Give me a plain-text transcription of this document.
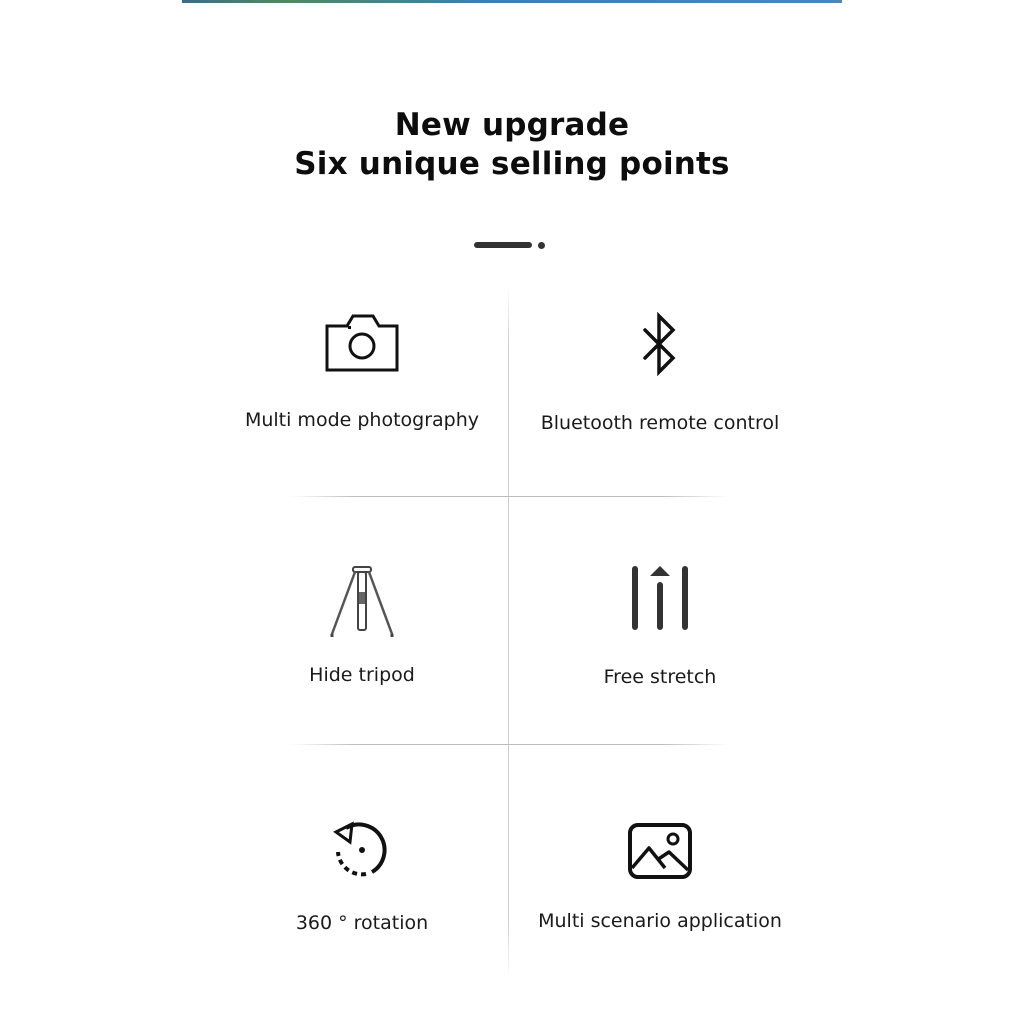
New upgrade
Six unique selling points
Multi mode photography	Bluetooth remote control
Hide tripod	Free stretch
360 ° rotation	Multi scenario application
